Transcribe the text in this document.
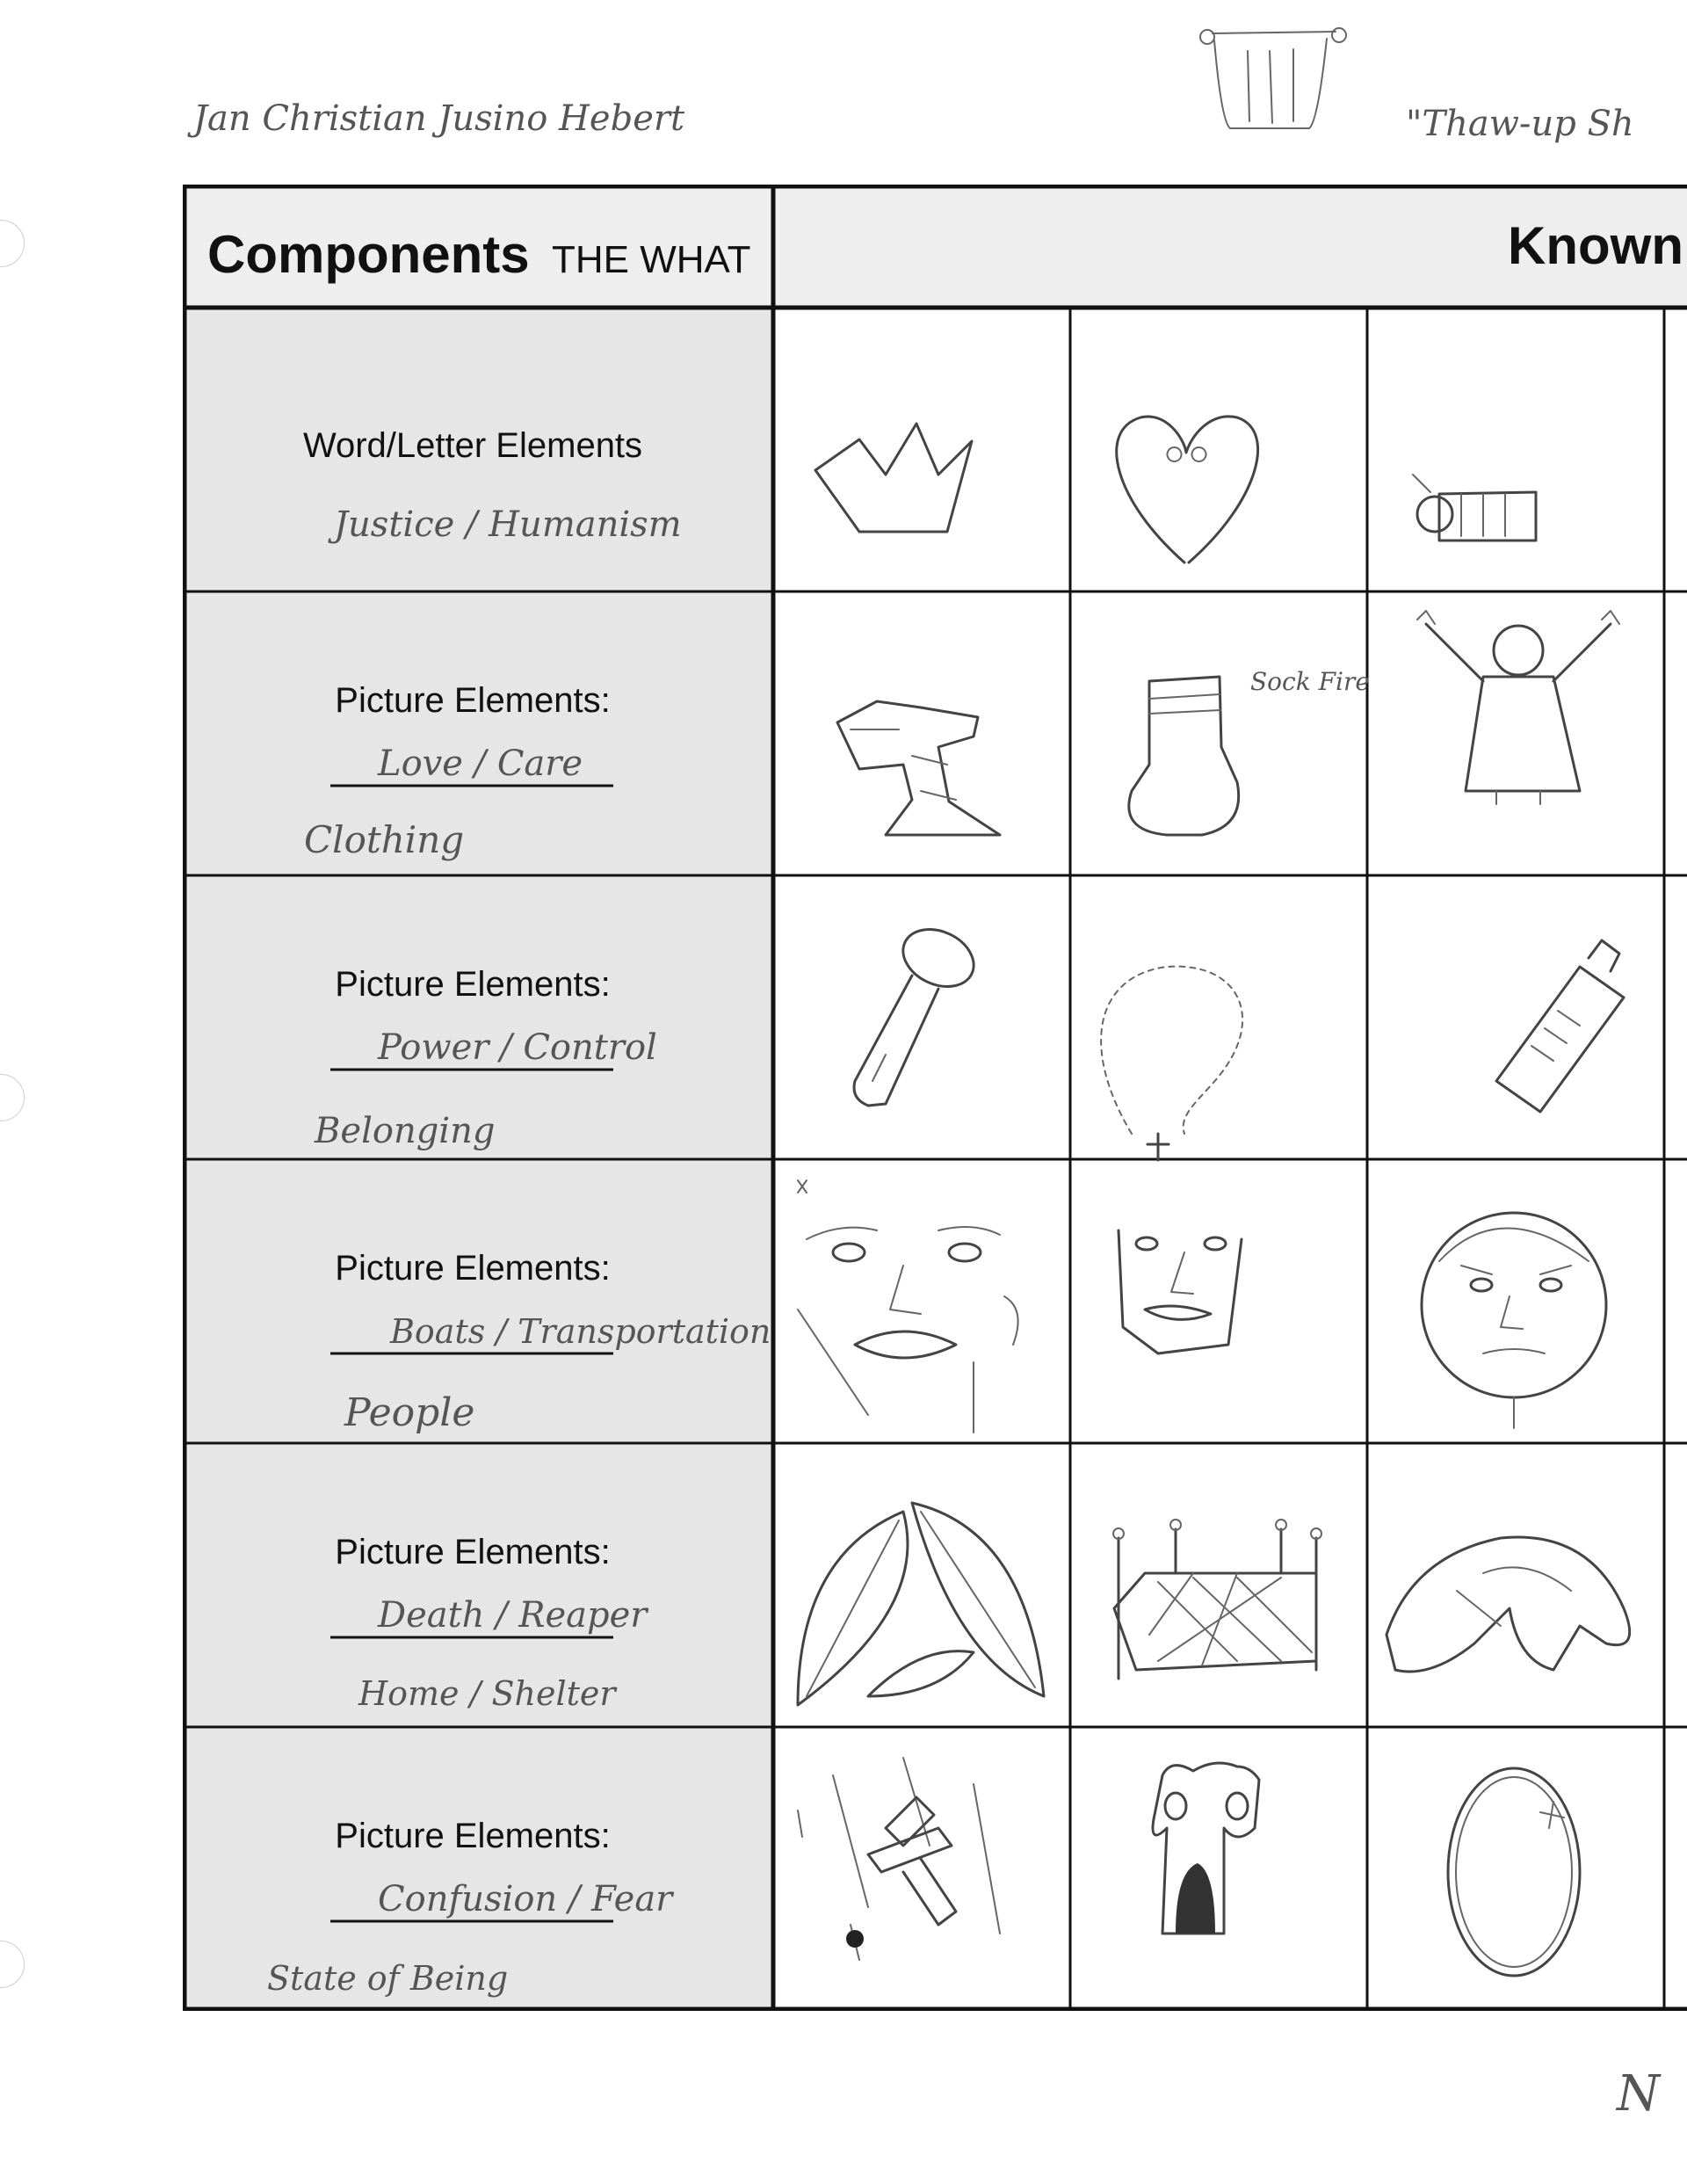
Jan Christian Jusino Hebert	"Thaw-up Sh
N
Components THE WHAT	Known
Word/Letter Elements
Justice / Humanism
Picture Elements:
Love / Care
Clothing
Picture Elements:
Power / Control
Belonging
Picture Elements:
Boats / Transportation
People
Picture Elements:
Death / Reaper
Home / Shelter
Picture Elements:
Confusion / Fear
State of Being
Sock Fire
